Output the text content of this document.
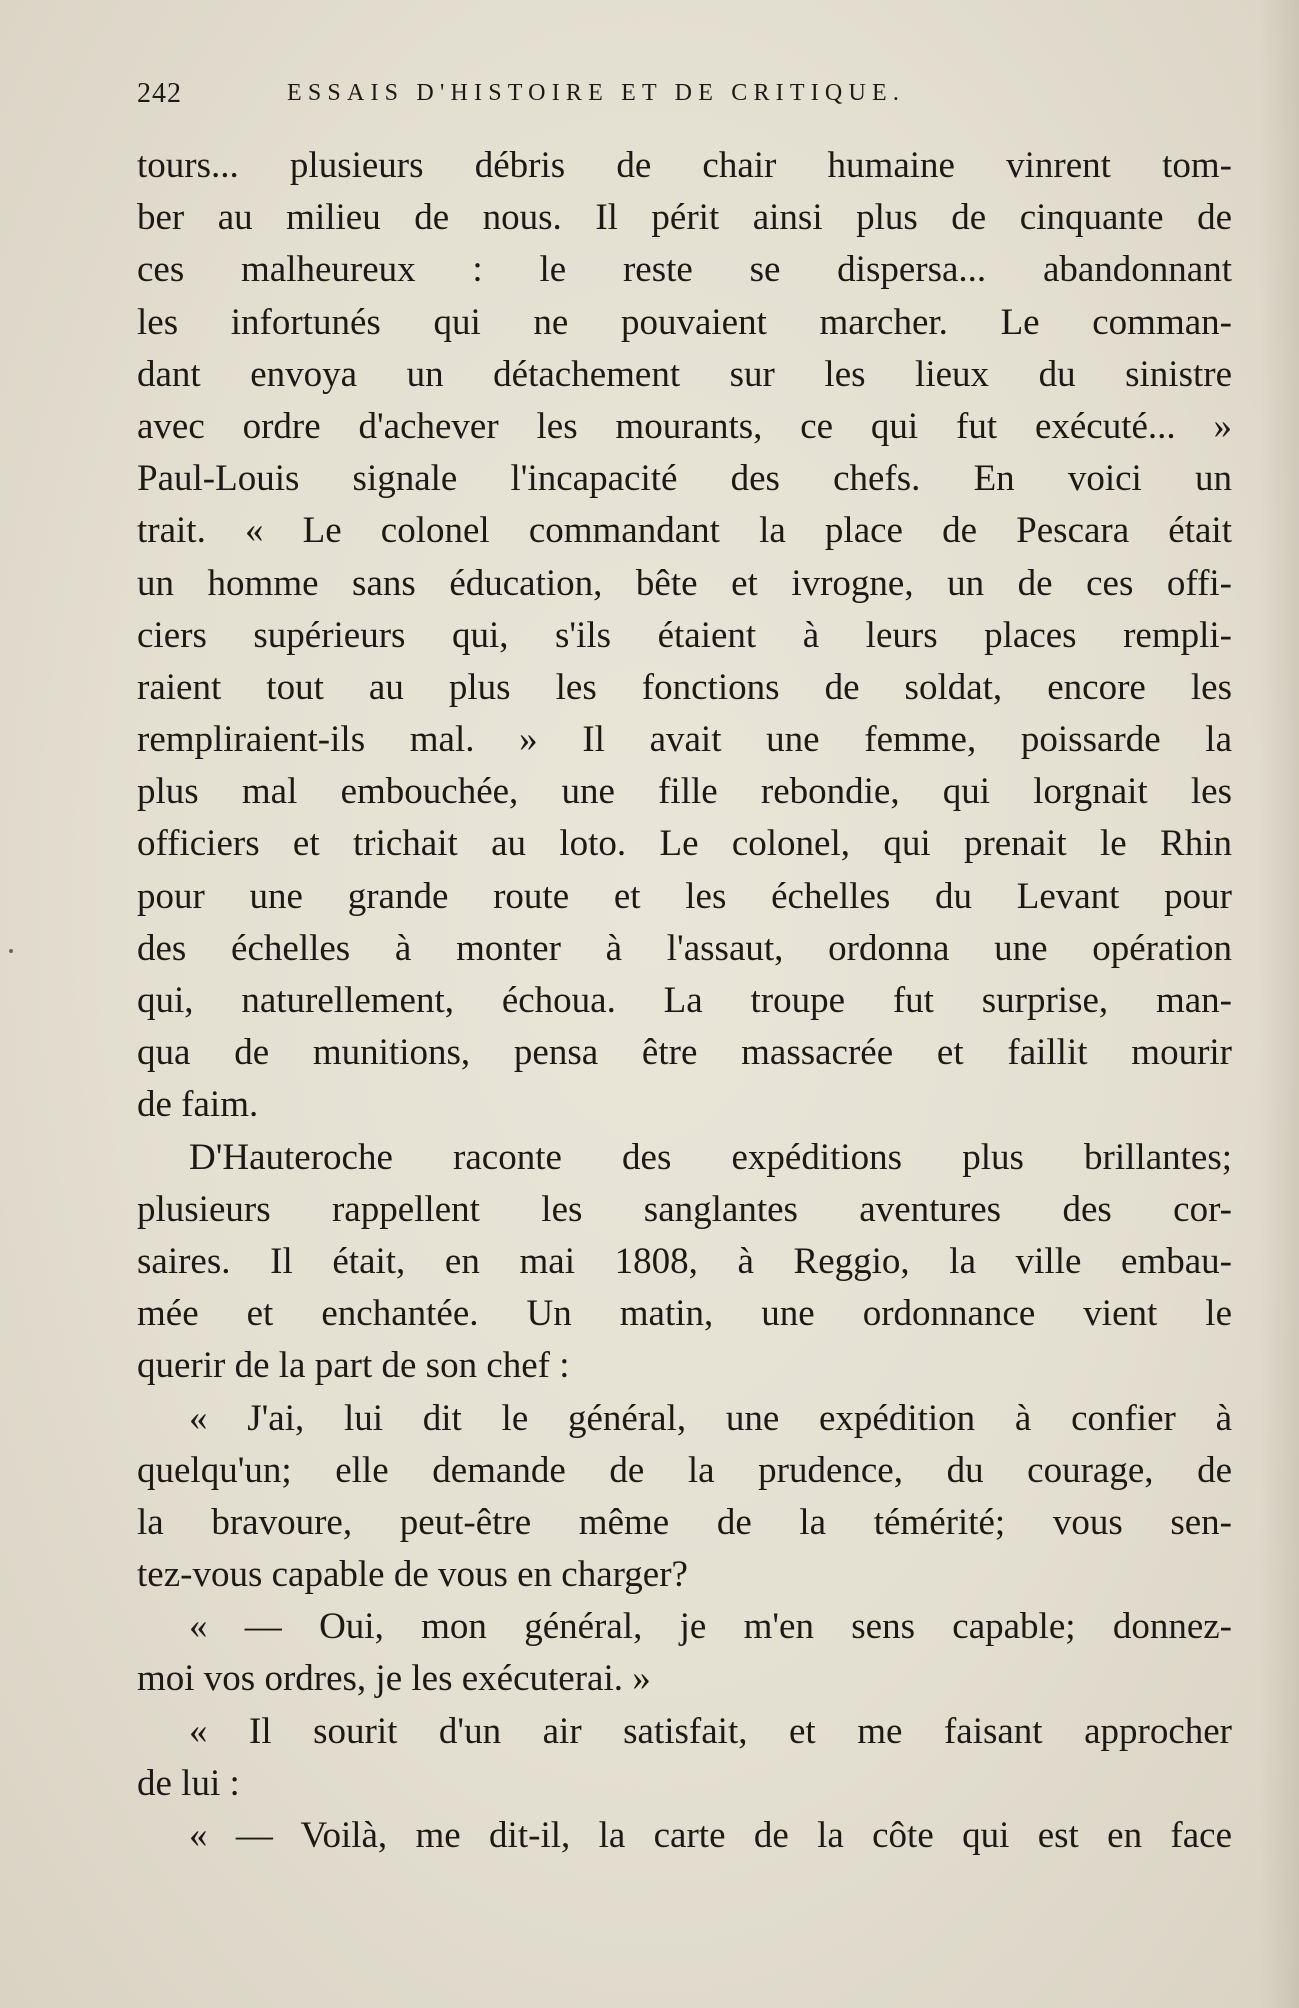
242	ESSAIS D'HISTOIRE ET DE CRITIQUE.
tours... plusieurs débris de chair humaine vinrent tom-
ber au milieu de nous. Il périt ainsi plus de cinquante de
ces malheureux : le reste se dispersa... abandonnant
les infortunés qui ne pouvaient marcher. Le comman-
dant envoya un détachement sur les lieux du sinistre
avec ordre d'achever les mourants, ce qui fut exécuté... »
Paul-Louis signale l'incapacité des chefs. En voici un
trait. « Le colonel commandant la place de Pescara était
un homme sans éducation, bête et ivrogne, un de ces offi-
ciers supérieurs qui, s'ils étaient à leurs places rempli-
raient tout au plus les fonctions de soldat, encore les
rempliraient-ils mal. » Il avait une femme, poissarde la
plus mal embouchée, une fille rebondie, qui lorgnait les
officiers et trichait au loto. Le colonel, qui prenait le Rhin
pour une grande route et les échelles du Levant pour
des échelles à monter à l'assaut, ordonna une opération
qui, naturellement, échoua. La troupe fut surprise, man-
qua de munitions, pensa être massacrée et faillit mourir
de faim.
D'Hauteroche raconte des expéditions plus brillantes;
plusieurs rappellent les sanglantes aventures des cor-
saires. Il était, en mai 1808, à Reggio, la ville embau-
mée et enchantée. Un matin, une ordonnance vient le
querir de la part de son chef :
« J'ai, lui dit le général, une expédition à confier à
quelqu'un; elle demande de la prudence, du courage, de
la bravoure, peut-être même de la témérité; vous sen-
tez-vous capable de vous en charger?
« — Oui, mon général, je m'en sens capable; donnez-
moi vos ordres, je les exécuterai. »
« Il sourit d'un air satisfait, et me faisant approcher
de lui :
« — Voilà, me dit-il, la carte de la côte qui est en face
